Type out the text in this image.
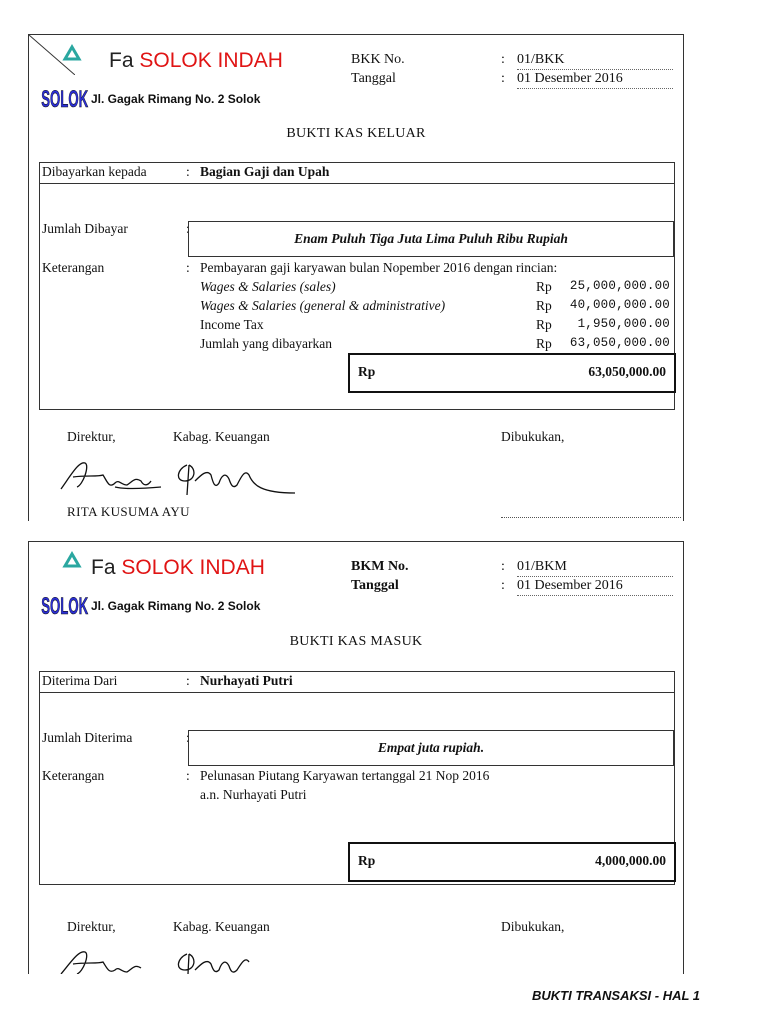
SOLOK
Fa SOLOK INDAH
Jl. Gagak Rimang No. 2 Solok
BKK No.	: 01/BKK
Tanggal	: 01 Desember 2016
BUKTI KAS KELUAR
Dibayarkan kepada	: Bagian Gaji dan Upah
Jumlah Dibayar	:
Enam Puluh Tiga Juta Lima Puluh Ribu Rupiah
Keterangan	: Pembayaran gaji karyawan bulan Nopember 2016 dengan rincian:
Wages & Salaries (sales)	Rp 25,000,000.00
Wages & Salaries (general & administrative)	Rp 40,000,000.00
Income Tax	Rp 1,950,000.00
Jumlah yang dibayarkan	Rp 63,050,000.00
Rp	63,050,000.00
Direktur,	Kabag. Keuangan	Dibukukan,
RITA KUSUMA AYU
SOLOK
Fa SOLOK INDAH
Jl. Gagak Rimang No. 2 Solok
BKM No.	: 01/BKM
Tanggal	: 01 Desember 2016
BUKTI KAS MASUK
Diterima Dari	: Nurhayati Putri
Jumlah Diterima	:
Empat juta rupiah.
Keterangan	: Pelunasan Piutang Karyawan tertanggal 21 Nop 2016
a.n. Nurhayati Putri
Rp	4,000,000.00
Direktur,	Kabag. Keuangan	Dibukukan,
BUKTI TRANSAKSI - HAL 1
